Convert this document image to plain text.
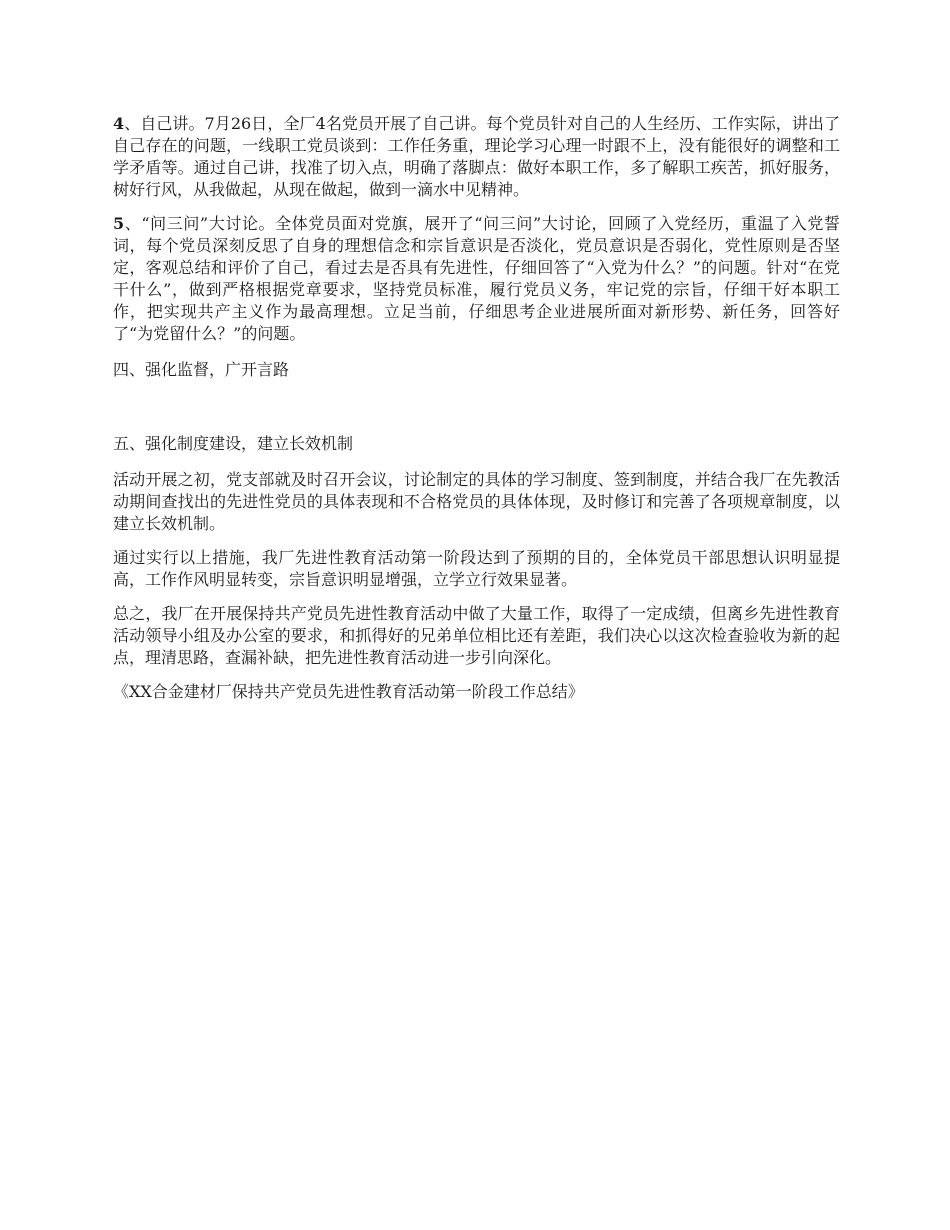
4、自己讲。7月26日，全厂4名党员开展了自己讲。每个党员针对自己的人生经历、工作实际，讲出了自己存在的问题，一线职工党员谈到：工作任务重，理论学习心理一时跟不上，没有能很好的调整和工学矛盾等。通过自己讲，找准了切入点，明确了落脚点：做好本职工作，多了解职工疾苦，抓好服务，树好行风，从我做起，从现在做起，做到一滴水中见精神。

5、“问三问”大讨论。全体党员面对党旗，展开了“问三问”大讨论，回顾了入党经历，重温了入党誓词，每个党员深刻反思了自身的理想信念和宗旨意识是否淡化，党员意识是否弱化，党性原则是否坚定，客观总结和评价了自己，看过去是否具有先进性，仔细回答了“入党为什么？”的问题。针对“在党干什么”，做到严格根据党章要求，坚持党员标准，履行党员义务，牢记党的宗旨，仔细干好本职工作，把实现共产主义作为最高理想。立足当前，仔细思考企业进展所面对新形势、新任务，回答好了“为党留什么？”的问题。

四、强化监督，广开言路

五、强化制度建设，建立长效机制

活动开展之初，党支部就及时召开会议，讨论制定的具体的学习制度、签到制度，并结合我厂在先教活动期间查找出的先进性党员的具体表现和不合格党员的具体体现，及时修订和完善了各项规章制度，以建立长效机制。

通过实行以上措施，我厂先进性教育活动第一阶段达到了预期的目的，全体党员干部思想认识明显提高，工作作风明显转变，宗旨意识明显增强，立学立行效果显著。

总之，我厂在开展保持共产党员先进性教育活动中做了大量工作，取得了一定成绩，但离乡先进性教育活动领导小组及办公室的要求，和抓得好的兄弟单位相比还有差距，我们决心以这次检查验收为新的起点，理清思路，查漏补缺，把先进性教育活动进一步引向深化。

《XX合金建材厂保持共产党员先进性教育活动第一阶段工作总结》
